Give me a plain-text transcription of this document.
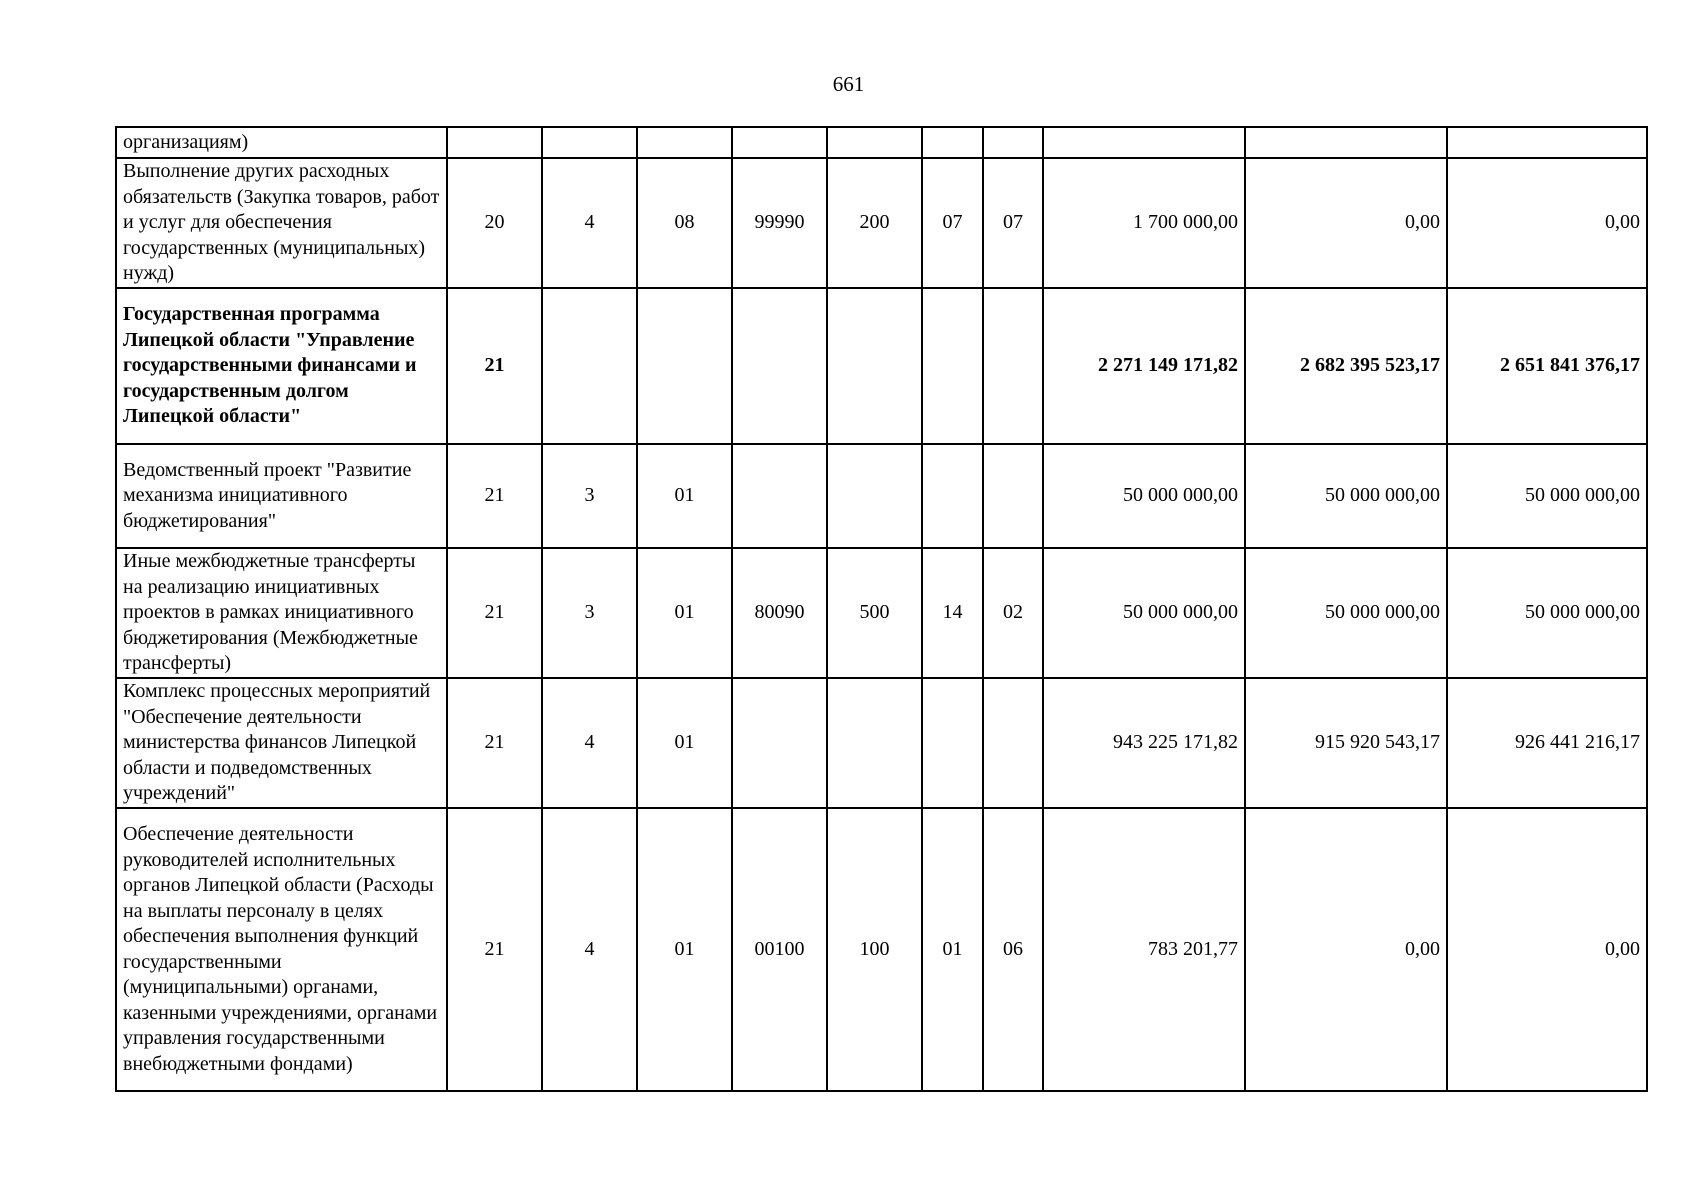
661
организациям)										
Выполнение других расходных обязательств (Закупка товаров, работ и услуг для обеспечения государственных (муниципальных) нужд)	20	4	08	99990	200	07	07	1 700 000,00	0,00	0,00
Государственная программа Липецкой области "Управление государственными финансами и государственным долгом Липецкой области"	21							2 271 149 171,82	2 682 395 523,17	2 651 841 376,17
Ведомственный проект "Развитие механизма инициативного бюджетирования"	21	3	01					50 000 000,00	50 000 000,00	50 000 000,00
Иные межбюджетные трансферты на реализацию инициативных проектов в рамках инициативного бюджетирования (Межбюджетные трансферты)	21	3	01	80090	500	14	02	50 000 000,00	50 000 000,00	50 000 000,00
Комплекс процессных мероприятий "Обеспечение деятельности министерства финансов Липецкой области и подведомственных учреждений"	21	4	01					943 225 171,82	915 920 543,17	926 441 216,17
Обеспечение деятельности руководителей исполнительных органов Липецкой области (Расходы на выплаты персоналу в целях обеспечения выполнения функций государственными (муниципальными) органами, казенными учреждениями, органами управления государственными внебюджетными фондами)	21	4	01	00100	100	01	06	783 201,77	0,00	0,00
